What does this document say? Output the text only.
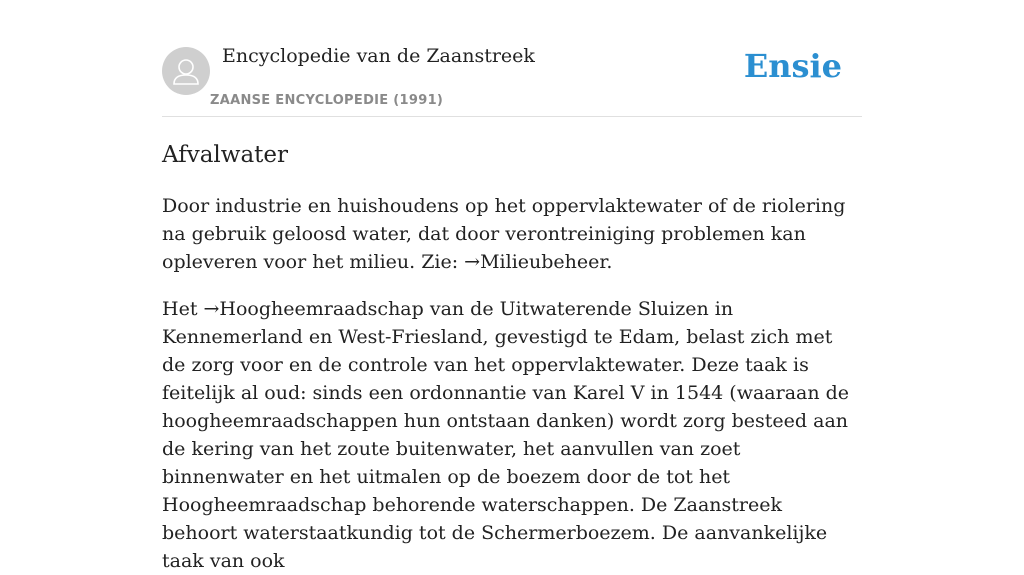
Encyclopedie van de Zaanstreek
ZAANSE ENCYCLOPEDIE (1991)
Ensie
Afvalwater

Door industrie en huishoudens op het oppervlaktewater of de riolering na gebruik geloosd water, dat door verontreiniging problemen kan opleveren voor het milieu. Zie: →Milieubeheer.

Het →Hoogheemraadschap van de Uitwaterende Sluizen in Kennemerland en West-Friesland, gevestigd te Edam, belast zich met de zorg voor en de controle van het oppervlaktewater. Deze taak is feitelijk al oud: sinds een ordonnantie van Karel V in 1544 (waaraan de hoogheemraadschappen hun ontstaan danken) wordt zorg besteed aan de kering van het zoute buitenwater, het aanvullen van zoet binnenwater en het uitmalen op de boezem door de tot het Hoogheemraadschap behorende waterschappen. De Zaanstreek behoort waterstaatkundig tot de Schermerboezem. De aanvankelijke taak van ook
